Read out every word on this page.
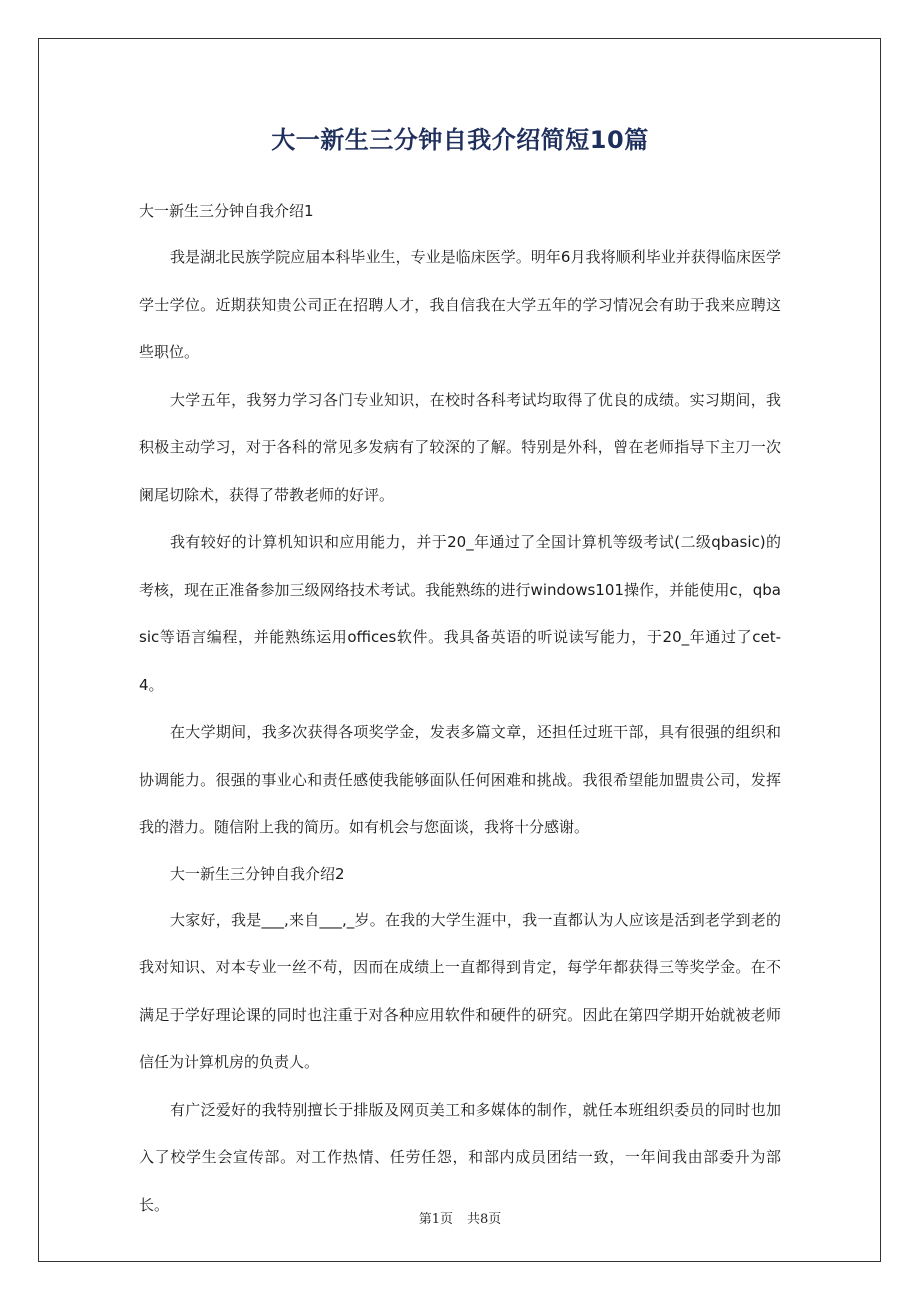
大一新生三分钟自我介绍简短10篇

大一新生三分钟自我介绍1

我是湖北民族学院应届本科毕业生，专业是临床医学。明年6月我将顺利毕业并获得临床医学学士学位。近期获知贵公司正在招聘人才，我自信我在大学五年的学习情况会有助于我来应聘这些职位。

大学五年，我努力学习各门专业知识，在校时各科考试均取得了优良的成绩。实习期间，我积极主动学习，对于各科的常见多发病有了较深的了解。特别是外科，曾在老师指导下主刀一次阑尾切除术，获得了带教老师的好评。

我有较好的计算机知识和应用能力，并于20_年通过了全国计算机等级考试(二级qbasic)的考核，现在正准备参加三级网络技术考试。我能熟练的进行windows101操作，并能使用c，qbasic等语言编程，并能熟练运用offices软件。我具备英语的听说读写能力，于20_年通过了cet-4。

在大学期间，我多次获得各项奖学金，发表多篇文章，还担任过班干部，具有很强的组织和协调能力。很强的事业心和责任感使我能够面队任何困难和挑战。我很希望能加盟贵公司，发挥我的潜力。随信附上我的简历。如有机会与您面谈，我将十分感谢。

大一新生三分钟自我介绍2

大家好，我是___,来自___,_岁。在我的大学生涯中，我一直都认为人应该是活到老学到老的我对知识、对本专业一丝不苟，因而在成绩上一直都得到肯定，每学年都获得三等奖学金。在不满足于学好理论课的同时也注重于对各种应用软件和硬件的研究。因此在第四学期开始就被老师信任为计算机房的负责人。

有广泛爱好的我特别擅长于排版及网页美工和多媒体的制作，就任本班组织委员的同时也加入了校学生会宣传部。对工作热情、任劳任怨，和部内成员团结一致，一年间我由部委升为部长。

第1页 共8页
